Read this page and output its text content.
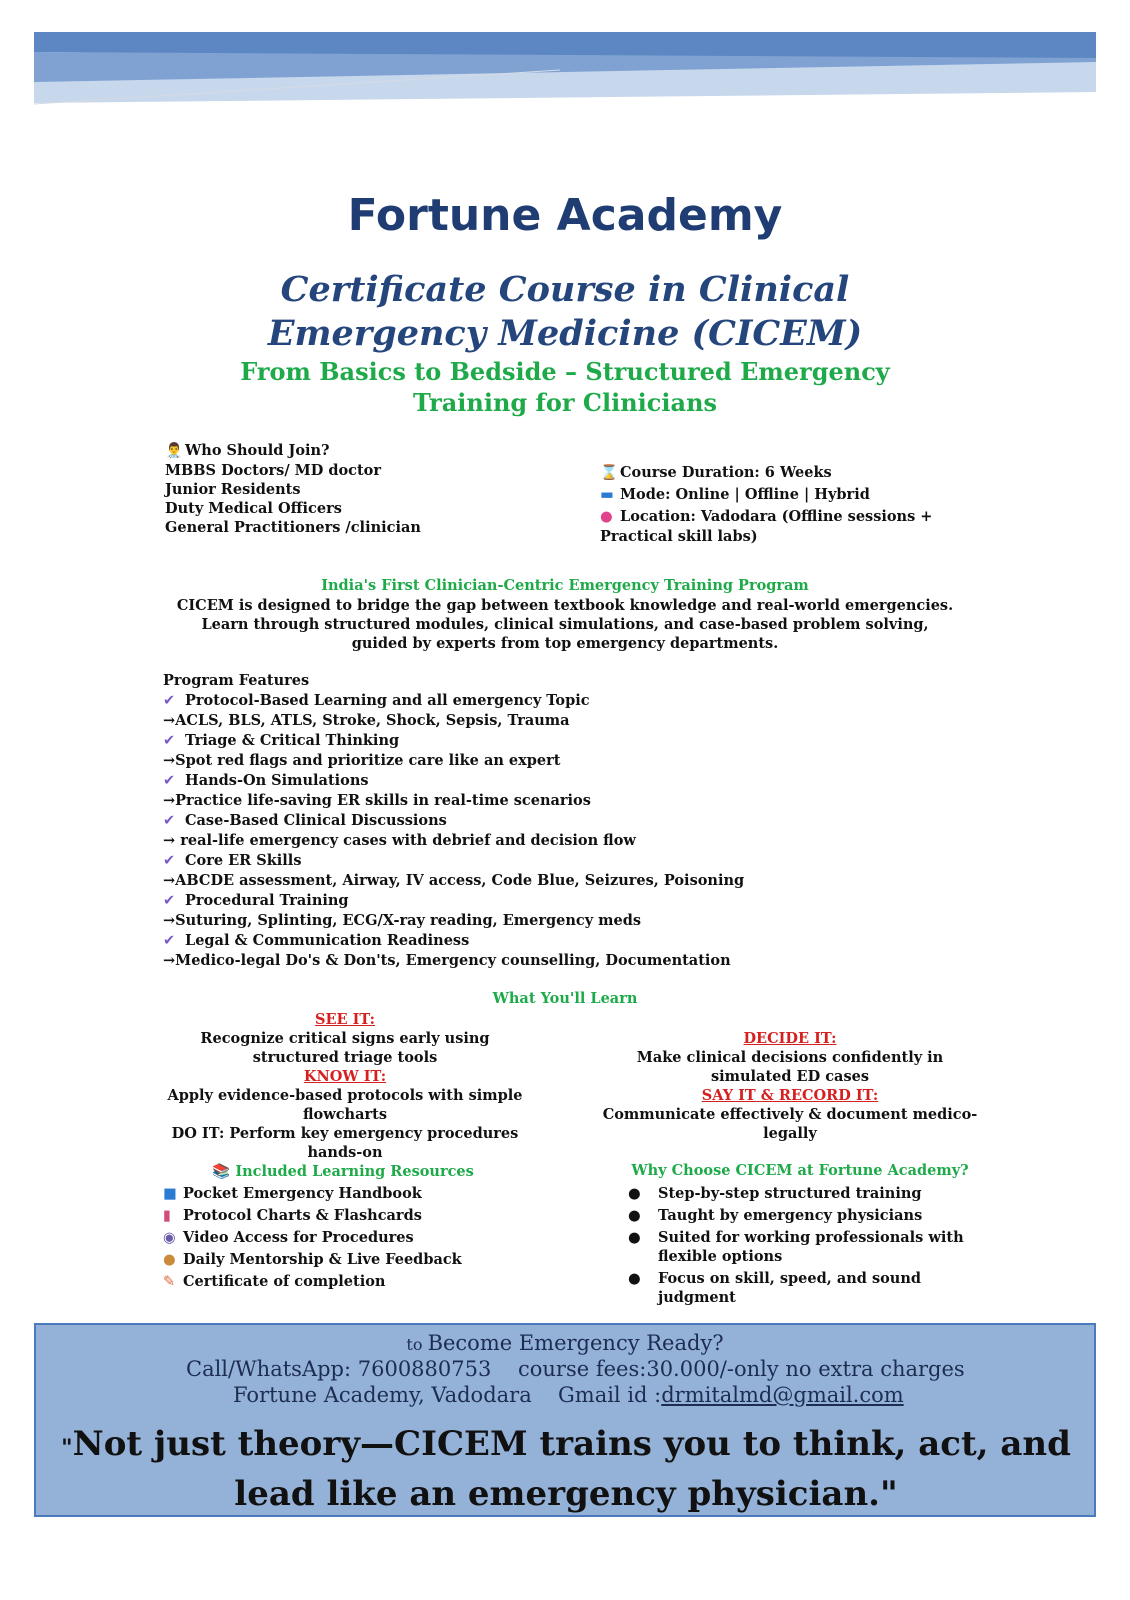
Fortune Academy
Certificate Course in Clinical Emergency Medicine (CICEM)
From Basics to Bedside – Structured Emergency Training for Clinicians
👨‍⚕️ Who Should Join?
MBBS Doctors/ MD doctor
Junior Residents
Duty Medical Officers
General Practitioners /clinician
⌛ Course Duration: 6 Weeks
▬ Mode: Online | Offline | Hybrid
● Location: Vadodara (Offline sessions + Practical skill labs)
India's First Clinician-Centric Emergency Training Program
CICEM is designed to bridge the gap between textbook knowledge and real-world emergencies. Learn through structured modules, clinical simulations, and case-based problem solving, guided by experts from top emergency departments.
Program Features
✔ Protocol-Based Learning and all emergency Topic
→ACLS, BLS, ATLS, Stroke, Shock, Sepsis, Trauma
✔ Triage & Critical Thinking
→Spot red flags and prioritize care like an expert
✔ Hands-On Simulations
→Practice life-saving ER skills in real-time scenarios
✔ Case-Based Clinical Discussions
→ real-life emergency cases with debrief and decision flow
✔ Core ER Skills
→ABCDE assessment, Airway, IV access, Code Blue, Seizures, Poisoning
✔ Procedural Training
→Suturing, Splinting, ECG/X-ray reading, Emergency meds
✔ Legal & Communication Readiness
→Medico-legal Do's & Don'ts, Emergency counselling, Documentation
What You'll Learn
SEE IT:
Recognize critical signs early using structured triage tools
KNOW IT:
Apply evidence-based protocols with simple flowcharts
DO IT: Perform key emergency procedures hands-on
DECIDE IT:
Make clinical decisions confidently in simulated ED cases
SAY IT & RECORD IT:
Communicate effectively & document medico-legally
📚 Included Learning Resources
■ Pocket Emergency Handbook
▮ Protocol Charts & Flashcards
◉ Video Access for Procedures
● Daily Mentorship & Live Feedback
✎ Certificate of completion
Why Choose CICEM at Fortune Academy?
●	Step-by-step structured training
●	Taught by emergency physicians
●	Suited for working professionals with flexible options
●	Focus on skill, speed, and sound judgment
to Become Emergency Ready?
Call/WhatsApp: 7600880753 course fees:30.000/-only no extra charges
Fortune Academy, Vadodara Gmail id :drmitalmd@gmail.com
"Not just theory—CICEM trains you to think, act, and lead like an emergency physician."
